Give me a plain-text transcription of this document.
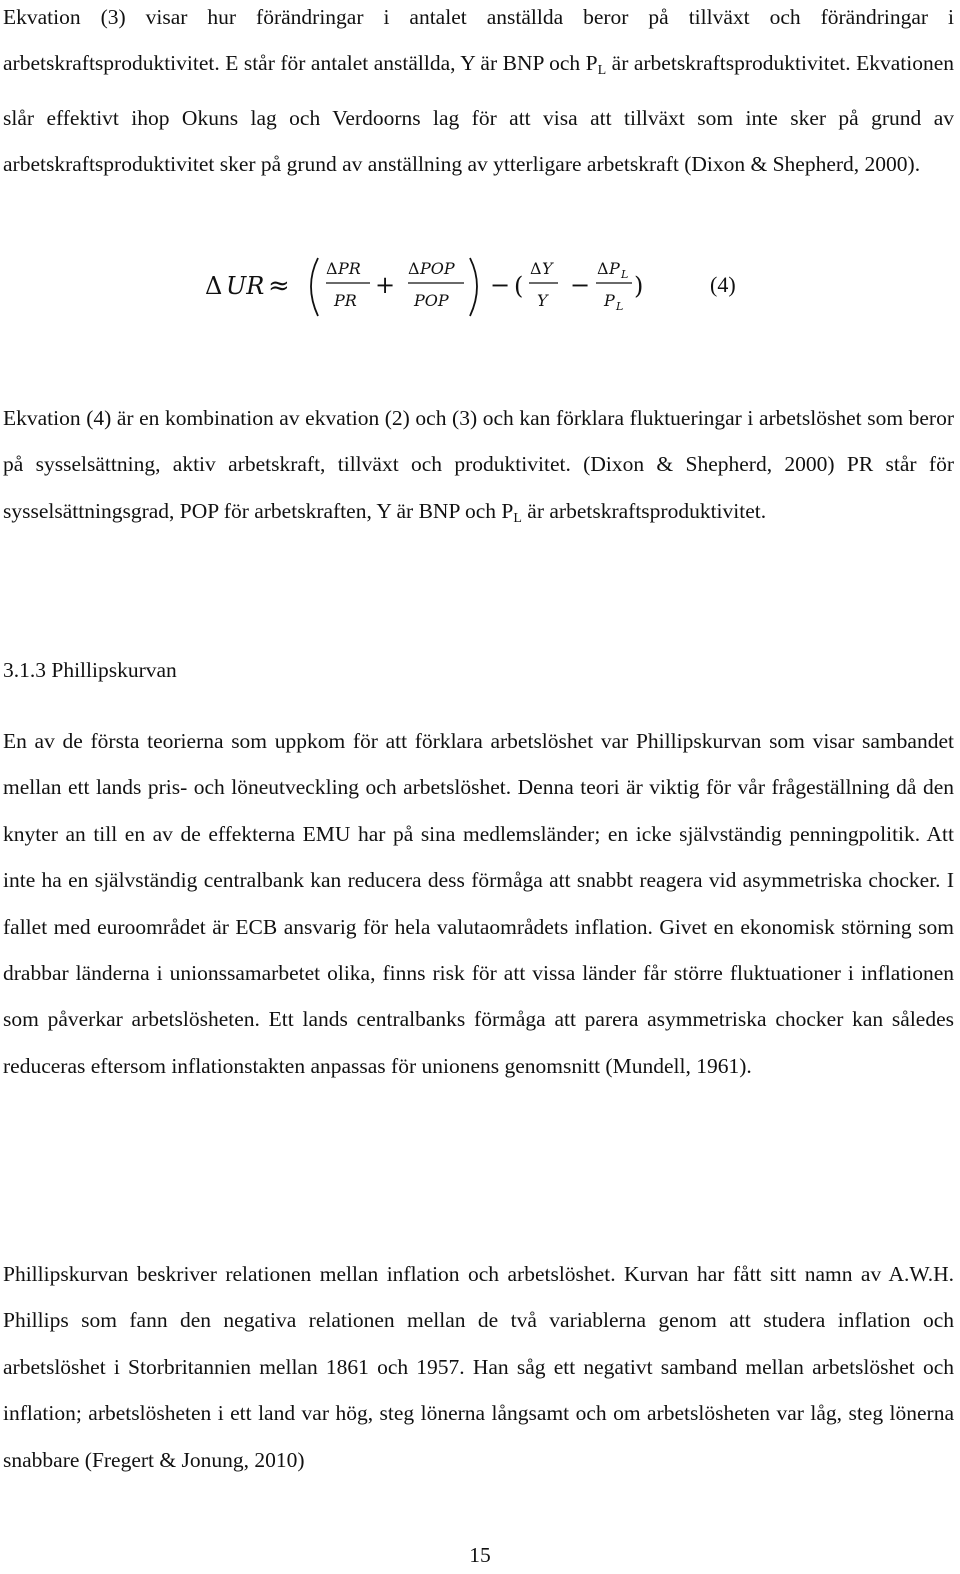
Ekvation (3) visar hur förändringar i antalet anställda beror på tillväxt och förändringar i arbetskraftsproduktivitet. E står för antalet anställda, Y är BNP och $P_L$ är arbetskraftsproduktivitet. Ekvationen slår effektivt ihop Okuns lag och Verdoorns lag för att visa att tillväxt som inte sker på grund av arbetskraftsproduktivitet sker på grund av anställning av ytterligare arbetskraft (Dixon & Shepherd, 2000).

Δ UR ≈
Δ PR
PR
+
Δ POP
POP
− (
Δ Y
Y
−
Δ P L
P L
)	(4)

Ekvation (4) är en kombination av ekvation (2) och (3) och kan förklara fluktueringar i arbetslöshet som beror på sysselsättning, aktiv arbetskraft, tillväxt och produktivitet. (Dixon & Shepherd, 2000) PR står för sysselsättningsgrad, POP för arbetskraften, Y är BNP och $P_L$ är arbetskraftsproduktivitet.

3.1.3 Phillipskurvan

En av de första teorierna som uppkom för att förklara arbetslöshet var Phillipskurvan som visar sambandet mellan ett lands pris- och löneutveckling och arbetslöshet. Denna teori är viktig för vår frågeställning då den knyter an till en av de effekterna EMU har på sina medlemsländer; en icke självständig penningpolitik. Att inte ha en självständig centralbank kan reducera dess förmåga att snabbt reagera vid asymmetriska chocker. I fallet med euroområdet är ECB ansvarig för hela valutaområdets inflation. Givet en ekonomisk störning som drabbar länderna i unionssamarbetet olika, finns risk för att vissa länder får större fluktuationer i inflationen som påverkar arbetslösheten. Ett lands centralbanks förmåga att parera asymmetriska chocker kan således reduceras eftersom inflationstakten anpassas för unionens genomsnitt (Mundell, 1961).

Phillipskurvan beskriver relationen mellan inflation och arbetslöshet. Kurvan har fått sitt namn av A.W.H. Phillips som fann den negativa relationen mellan de två variablerna genom att studera inflation och arbetslöshet i Storbritannien mellan 1861 och 1957. Han såg ett negativt samband mellan arbetslöshet och inflation; arbetslösheten i ett land var hög, steg lönerna långsamt och om arbetslösheten var låg, steg lönerna snabbare (Fregert & Jonung, 2010)

15
